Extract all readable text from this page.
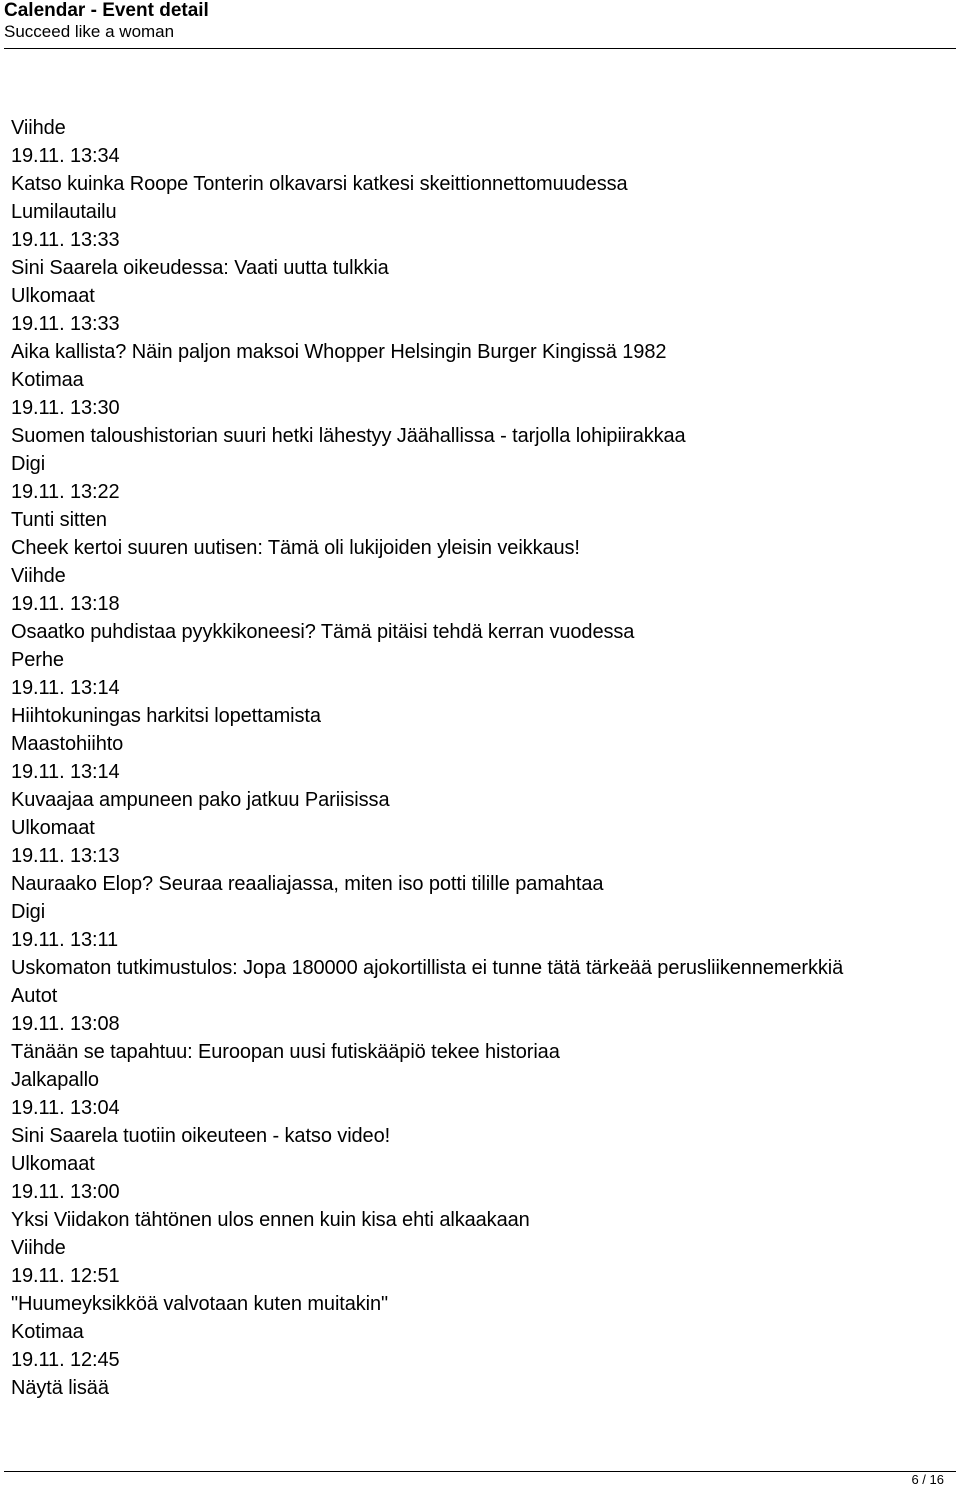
Calendar - Event detail
Succeed like a woman
Viihde
19.11. 13:34
Katso kuinka Roope Tonterin olkavarsi katkesi skeittionnettomuudessa
Lumilautailu
19.11. 13:33
Sini Saarela oikeudessa: Vaati uutta tulkkia
Ulkomaat
19.11. 13:33
Aika kallista? Näin paljon maksoi Whopper Helsingin Burger Kingissä 1982
Kotimaa
19.11. 13:30
Suomen taloushistorian suuri hetki lähestyy Jäähallissa - tarjolla lohipiirakkaa
Digi
19.11. 13:22
Tunti sitten
Cheek kertoi suuren uutisen: Tämä oli lukijoiden yleisin veikkaus!
Viihde
19.11. 13:18
Osaatko puhdistaa pyykkikoneesi? Tämä pitäisi tehdä kerran vuodessa
Perhe
19.11. 13:14
Hiihtokuningas harkitsi lopettamista
Maastohiihto
19.11. 13:14
Kuvaajaa ampuneen pako jatkuu Pariisissa
Ulkomaat
19.11. 13:13
Nauraako Elop? Seuraa reaaliajassa, miten iso potti tilille pamahtaa
Digi
19.11. 13:11
Uskomaton tutkimustulos: Jopa 180000 ajokortillista ei tunne tätä tärkeää perusliikennemerkkiä
Autot
19.11. 13:08
Tänään se tapahtuu: Euroopan uusi futiskääpiö tekee historiaa
Jalkapallo
19.11. 13:04
Sini Saarela tuotiin oikeuteen - katso video!
Ulkomaat
19.11. 13:00
Yksi Viidakon tähtönen ulos ennen kuin kisa ehti alkaakaan
Viihde
19.11. 12:51
"Huumeyksikköä valvotaan kuten muitakin"
Kotimaa
19.11. 12:45
Näytä lisää
6 / 16
